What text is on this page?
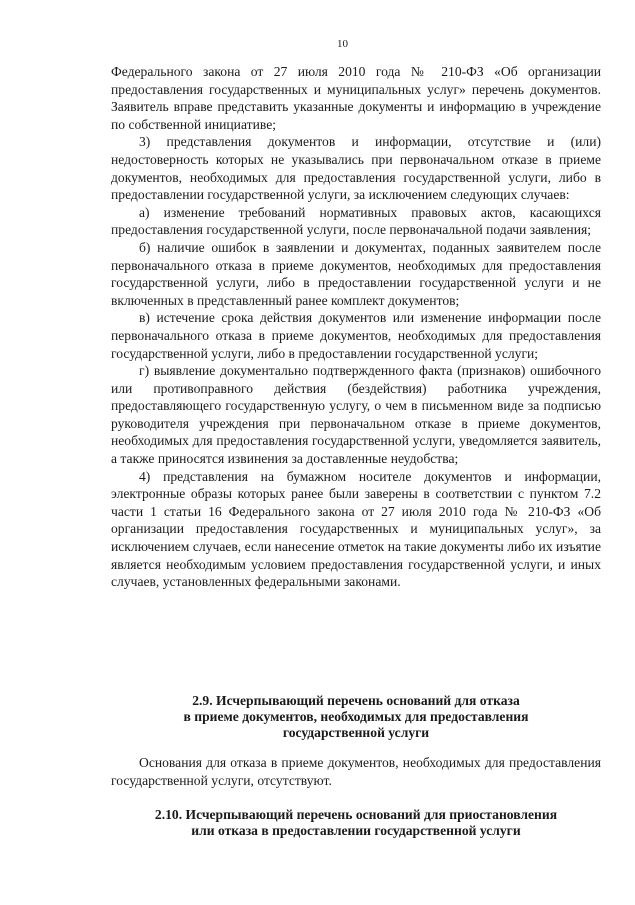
10

Федерального закона от 27 июля 2010 года № 210-ФЗ «Об организации предоставления государственных и муниципальных услуг» перечень документов. Заявитель вправе представить указанные документы и информацию в учреждение по собственной инициативе;

3) представления документов и информации, отсутствие и (или) недостоверность которых не указывались при первоначальном отказе в приеме документов, необходимых для предоставления государственной услуги, либо в предоставлении государственной услуги, за исключением следующих случаев:

а) изменение требований нормативных правовых актов, касающихся предоставления государственной услуги, после первоначальной подачи заявления;

б) наличие ошибок в заявлении и документах, поданных заявителем после первоначального отказа в приеме документов, необходимых для предоставления государственной услуги, либо в предоставлении государственной услуги и не включенных в представленный ранее комплект документов;

в) истечение срока действия документов или изменение информации после первоначального отказа в приеме документов, необходимых для предоставления государственной услуги, либо в предоставлении государственной услуги;

г) выявление документально подтвержденного факта (признаков) ошибочного или противоправного действия (бездействия) работника учреждения, предоставляющего государственную услугу, о чем в письменном виде за подписью руководителя учреждения при первоначальном отказе в приеме документов, необходимых для предоставления государственной услуги, уведомляется заявитель, а также приносятся извинения за доставленные неудобства;

4) представления на бумажном носителе документов и информации, электронные образы которых ранее были заверены в соответствии с пунктом 7.2 части 1 статьи 16 Федерального закона от 27 июля 2010 года № 210-ФЗ «Об организации предоставления государственных и муниципальных услуг», за исключением случаев, если нанесение отметок на такие документы либо их изъятие является необходимым условием предоставления государственной услуги, и иных случаев, установленных федеральными законами.

2.9. Исчерпывающий перечень оснований для отказа

в приеме документов, необходимых для предоставления

государственной услуги

Основания для отказа в приеме документов, необходимых для предоставления государственной услуги, отсутствуют.

2.10. Исчерпывающий перечень оснований для приостановления

или отказа в предоставлении государственной услуги
